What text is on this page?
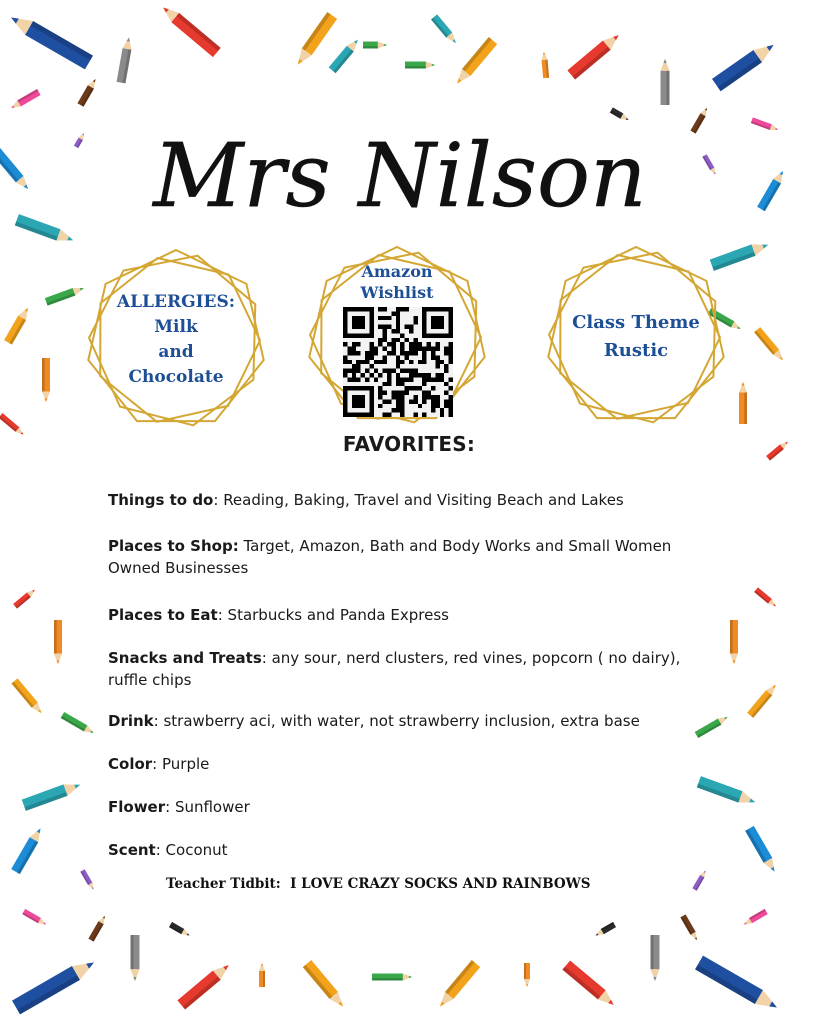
Mrs Nilson
ALLERGIES:
Milk
and
Chocolate
Amazon
Wishlist
Class Theme
Rustic
FAVORITES:
Things to do: Reading, Baking, Travel and Visiting Beach and Lakes
Places to Shop: Target, Amazon, Bath and Body Works and Small Women Owned Businesses
Places to Eat: Starbucks and Panda Express
Snacks and Treats: any sour, nerd clusters, red vines, popcorn ( no dairy), ruffle chips
Drink: strawberry aci, with water, not strawberry inclusion, extra base
Color: Purple
Flower: Sunflower
Scent: Coconut
Teacher Tidbit: I LOVE CRAZY SOCKS AND RAINBOWS
